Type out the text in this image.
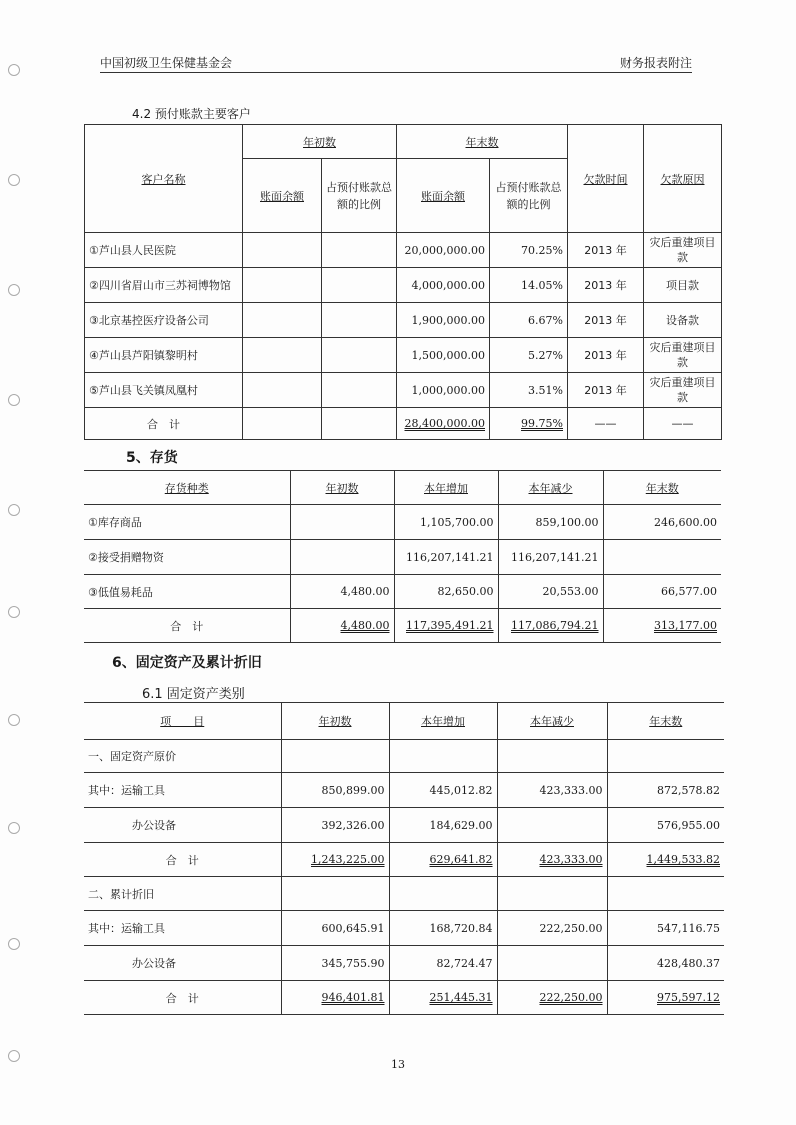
中国初级卫生保健基金会	财务报表附注
4.2 预付账款主要客户
客户名称	年初数		年末数		欠款时间	欠款原因
	账面余额	占预付账款总额的比例	账面余额	占预付账款总额的比例		
①芦山县人民医院			20,000,000.00	70.25%	2013 年	灾后重建项目款
②四川省眉山市三苏祠博物馆			4,000,000.00	14.05%	2013 年	项目款
③北京基控医疗设备公司			1,900,000.00	6.67%	2013 年	设备款
④芦山县芦阳镇黎明村			1,500,000.00	5.27%	2013 年	灾后重建项目款
⑤芦山县飞关镇凤凰村			1,000,000.00	3.51%	2013 年	灾后重建项目款
合　计			28,400,000.00	99.75%	——	——
5、存货
存货种类	年初数	本年增加	本年减少	年末数
①库存商品		1,105,700.00	859,100.00	246,600.00
②接受捐赠物资		116,207,141.21	116,207,141.21	
③低值易耗品	4,480.00	82,650.00	20,553.00	66,577.00
合　计	4,480.00	117,395,491.21	117,086,794.21	313,177.00
6、固定资产及累计折旧
6.1 固定资产类别
项　　目	年初数	本年增加	本年减少	年末数
一、固定资产原价				
其中：运输工具	850,899.00	445,012.82	423,333.00	872,578.82
办公设备	392,326.00	184,629.00		576,955.00
合　计	1,243,225.00	629,641.82	423,333.00	1,449,533.82
二、累计折旧				
其中：运输工具	600,645.91	168,720.84	222,250.00	547,116.75
办公设备	345,755.90	82,724.47		428,480.37
合　计	946,401.81	251,445.31	222,250.00	975,597.12
13
